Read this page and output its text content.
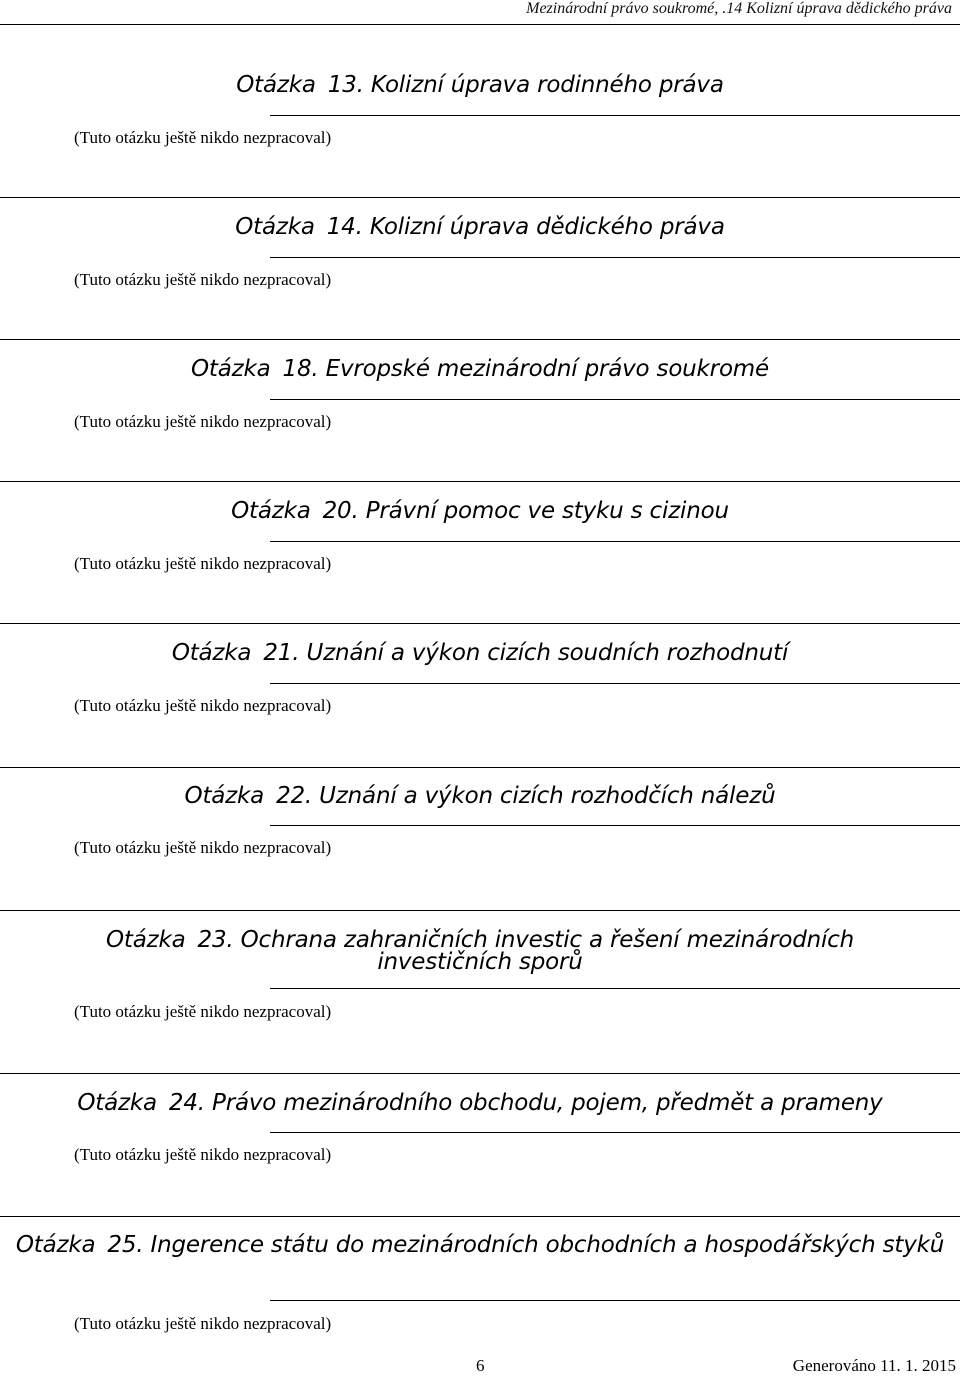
Mezinárodní právo soukromé, .14 Kolizní úprava dědického práva
Otázka 13. Kolizní úprava rodinného práva
(Tuto otázku ještě nikdo nezpracoval)
Otázka 14. Kolizní úprava dědického práva
(Tuto otázku ještě nikdo nezpracoval)
Otázka 18. Evropské mezinárodní právo soukromé
(Tuto otázku ještě nikdo nezpracoval)
Otázka 20. Právní pomoc ve styku s cizinou
(Tuto otázku ještě nikdo nezpracoval)
Otázka 21. Uznání a výkon cizích soudních rozhodnutí
(Tuto otázku ještě nikdo nezpracoval)
Otázka 22. Uznání a výkon cizích rozhodčích nálezů
(Tuto otázku ještě nikdo nezpracoval)
Otázka 23. Ochrana zahraničních investic a řešení mezinárodních investičních sporů
(Tuto otázku ještě nikdo nezpracoval)
Otázka 24. Právo mezinárodního obchodu, pojem, předmět a prameny
(Tuto otázku ještě nikdo nezpracoval)
Otázka 25. Ingerence státu do mezinárodních obchodních a hospodářských styků
(Tuto otázku ještě nikdo nezpracoval)
6	Generováno 11. 1. 2015
